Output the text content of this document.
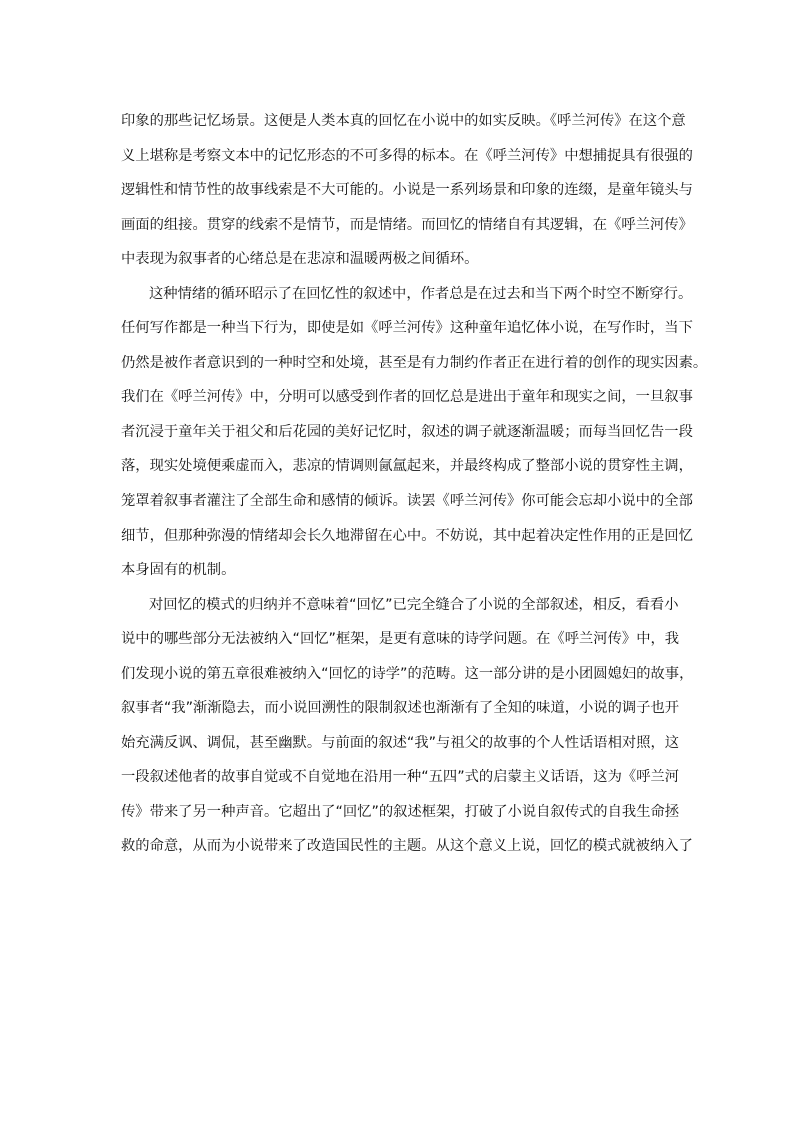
印象的那些记忆场景。这便是人类本真的回忆在小说中的如实反映。《呼兰河传》在这个意
义上堪称是考察文本中的记忆形态的不可多得的标本。在《呼兰河传》中想捕捉具有很强的
逻辑性和情节性的故事线索是不大可能的。小说是一系列场景和印象的连缀，是童年镜头与
画面的组接。贯穿的线索不是情节，而是情绪。而回忆的情绪自有其逻辑，在《呼兰河传》
中表现为叙事者的心绪总是在悲凉和温暖两极之间循环。
这种情绪的循环昭示了在回忆性的叙述中，作者总是在过去和当下两个时空不断穿行。
任何写作都是一种当下行为，即使是如《呼兰河传》这种童年追忆体小说，在写作时，当下
仍然是被作者意识到的一种时空和处境，甚至是有力制约作者正在进行着的创作的现实因素。
我们在《呼兰河传》中，分明可以感受到作者的回忆总是进出于童年和现实之间，一旦叙事
者沉浸于童年关于祖父和后花园的美好记忆时，叙述的调子就逐渐温暖；而每当回忆告一段
落，现实处境便乘虚而入，悲凉的情调则氤氲起来，并最终构成了整部小说的贯穿性主调，
笼罩着叙事者灌注了全部生命和感情的倾诉。读罢《呼兰河传》你可能会忘却小说中的全部
细节，但那种弥漫的情绪却会长久地滞留在心中。不妨说，其中起着决定性作用的正是回忆
本身固有的机制。
对回忆的模式的归纳并不意味着“回忆”已完全缝合了小说的全部叙述，相反，看看小
说中的哪些部分无法被纳入“回忆”框架，是更有意味的诗学问题。在《呼兰河传》中，我
们发现小说的第五章很难被纳入“回忆的诗学”的范畴。这一部分讲的是小团圆媳妇的故事，
叙事者“我”渐渐隐去，而小说回溯性的限制叙述也渐渐有了全知的味道，小说的调子也开
始充满反讽、调侃，甚至幽默。与前面的叙述“我”与祖父的故事的个人性话语相对照，这
一段叙述他者的故事自觉或不自觉地在沿用一种“五四”式的启蒙主义话语，这为《呼兰河
传》带来了另一种声音。它超出了“回忆”的叙述框架，打破了小说自叙传式的自我生命拯
救的命意，从而为小说带来了改造国民性的主题。从这个意义上说，回忆的模式就被纳入了
